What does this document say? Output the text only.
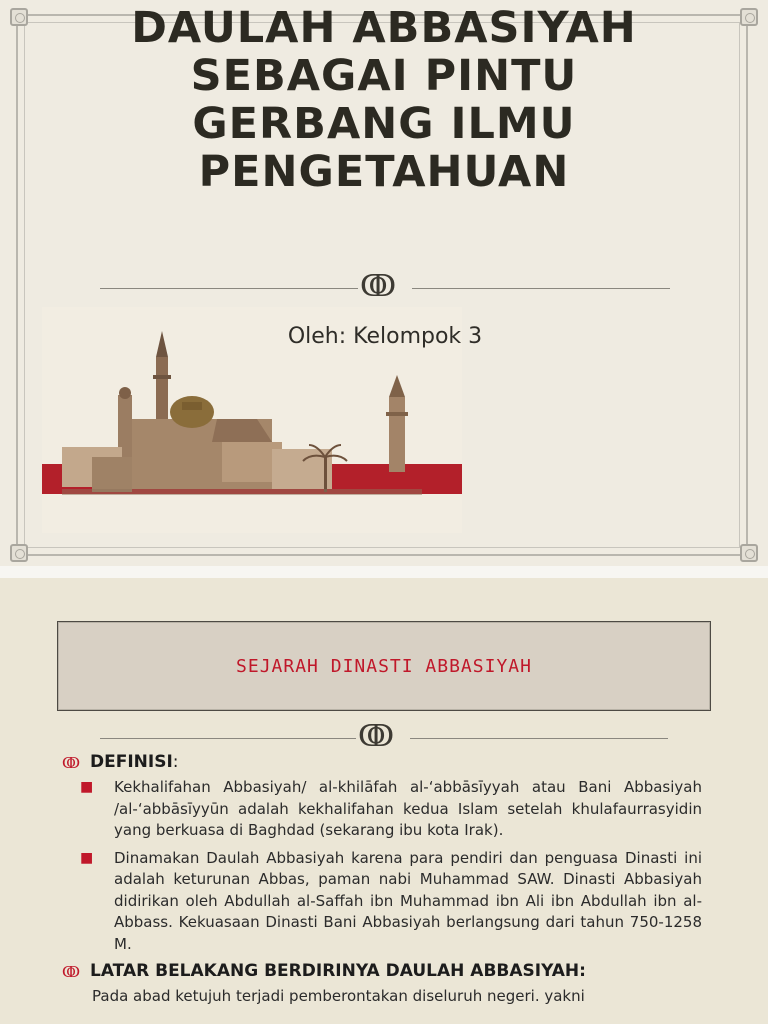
DAULAH ABBASIYAH
SEBAGAI PINTU
GERBANG ILMU
PENGETAHUAN
ↂ
Oleh: Kelompok 3
SEJARAH DINASTI ABBASIYAH
ↂ
ↂ DEFINISI:
■ Kekhalifahan Abbasiyah/ al-khilāfah al-‘abbāsīyyah atau Bani Abbasiyah /al-‘abbāsīyyūn adalah kekhalifahan kedua Islam setelah khulafaurrasyidin yang berkuasa di Baghdad (sekarang ibu kota Irak).
■ Dinamakan Daulah Abbasiyah karena para pendiri dan penguasa Dinasti ini adalah keturunan Abbas, paman nabi Muhammad SAW. Dinasti Abbasiyah didirikan oleh Abdullah al-Saffah ibn Muhammad ibn Ali ibn Abdullah ibn al-Abbass. Kekuasaan Dinasti Bani Abbasiyah berlangsung dari tahun 750-1258 M.
ↂ LATAR BELAKANG BERDIRINYA DAULAH ABBASIYAH:
Pada abad ketujuh terjadi pemberontakan diseluruh negeri. yakni
